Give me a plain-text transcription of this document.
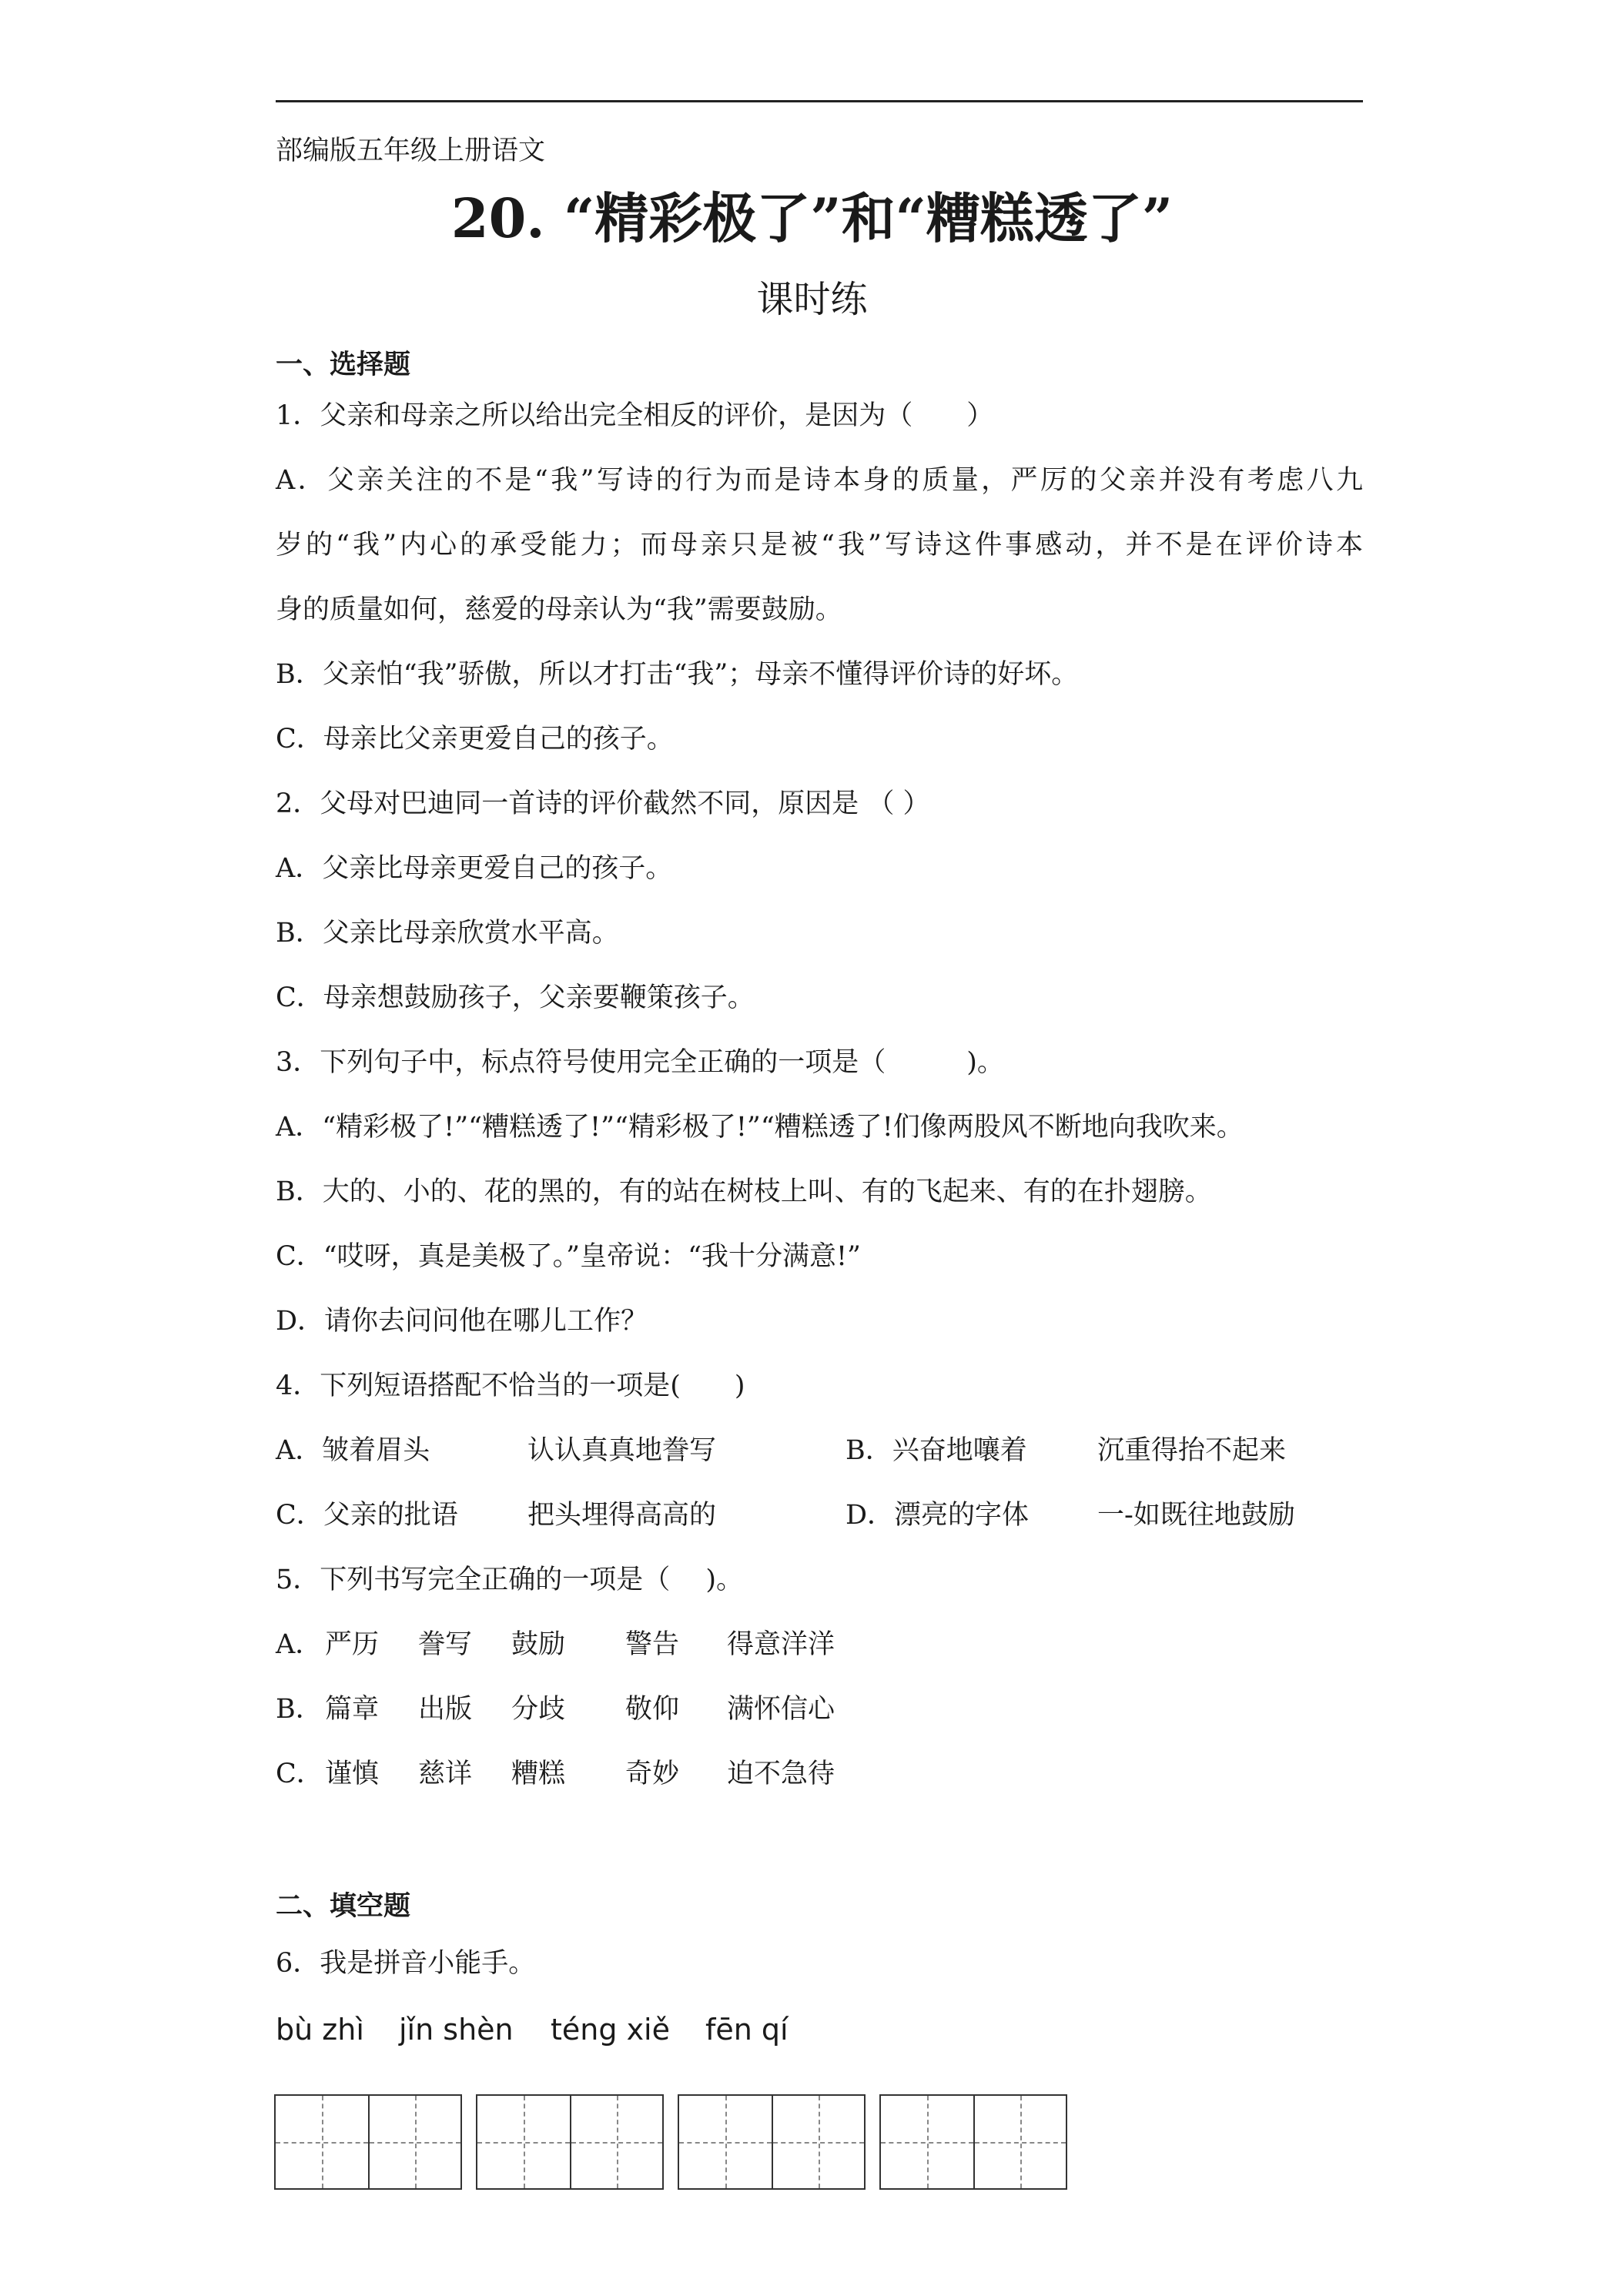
部编版五年级上册语文
20. “精彩极了”和“糟糕透了”
课时练
一、选择题
1．父亲和母亲之所以给出完全相反的评价，是因为（　　）
A．父亲关注的不是“我”写诗的行为而是诗本身的质量，严厉的父亲并没有考虑八九
岁的“我”内心的承受能力；而母亲只是被“我”写诗这件事感动，并不是在评价诗本
身的质量如何，慈爱的母亲认为“我”需要鼓励。
B．父亲怕“我”骄傲，所以才打击“我”；母亲不懂得评价诗的好坏。
C．母亲比父亲更爱自己的孩子。
2．父母对巴迪同一首诗的评价截然不同，原因是 （ ）
A．父亲比母亲更爱自己的孩子。
B．父亲比母亲欣赏水平高。
C．母亲想鼓励孩子，父亲要鞭策孩子。
3．下列句子中，标点符号使用完全正确的一项是（　　　)。
A．“精彩极了!”“糟糕透了!”“精彩极了!”“糟糕透了!们像两股风不断地向我吹来。
B．大的、小的、花的黑的，有的站在树枝上叫、有的飞起来、有的在扑翅膀。
C．“哎呀，真是美极了。”皇帝说：“我十分满意!”
D．请你去问问他在哪儿工作？
4．下列短语搭配不恰当的一项是(　　)
A．皱着眉头	认认真真地誊写	B．兴奋地嚷着	沉重得抬不起来
C．父亲的批语	把头埋得高高的	D．漂亮的字体	一-如既往地鼓励
5．下列书写完全正确的一项是（　 )。
A． 严历 誊写 鼓励 警告 得意洋洋
B． 篇章 出版 分歧 敬仰 满怀信心
C． 谨慎 慈详 糟糕 奇妙 迫不急待
二、填空题
6．我是拼音小能手。
bù zhì jǐn shèn téng xiě fēn qí
